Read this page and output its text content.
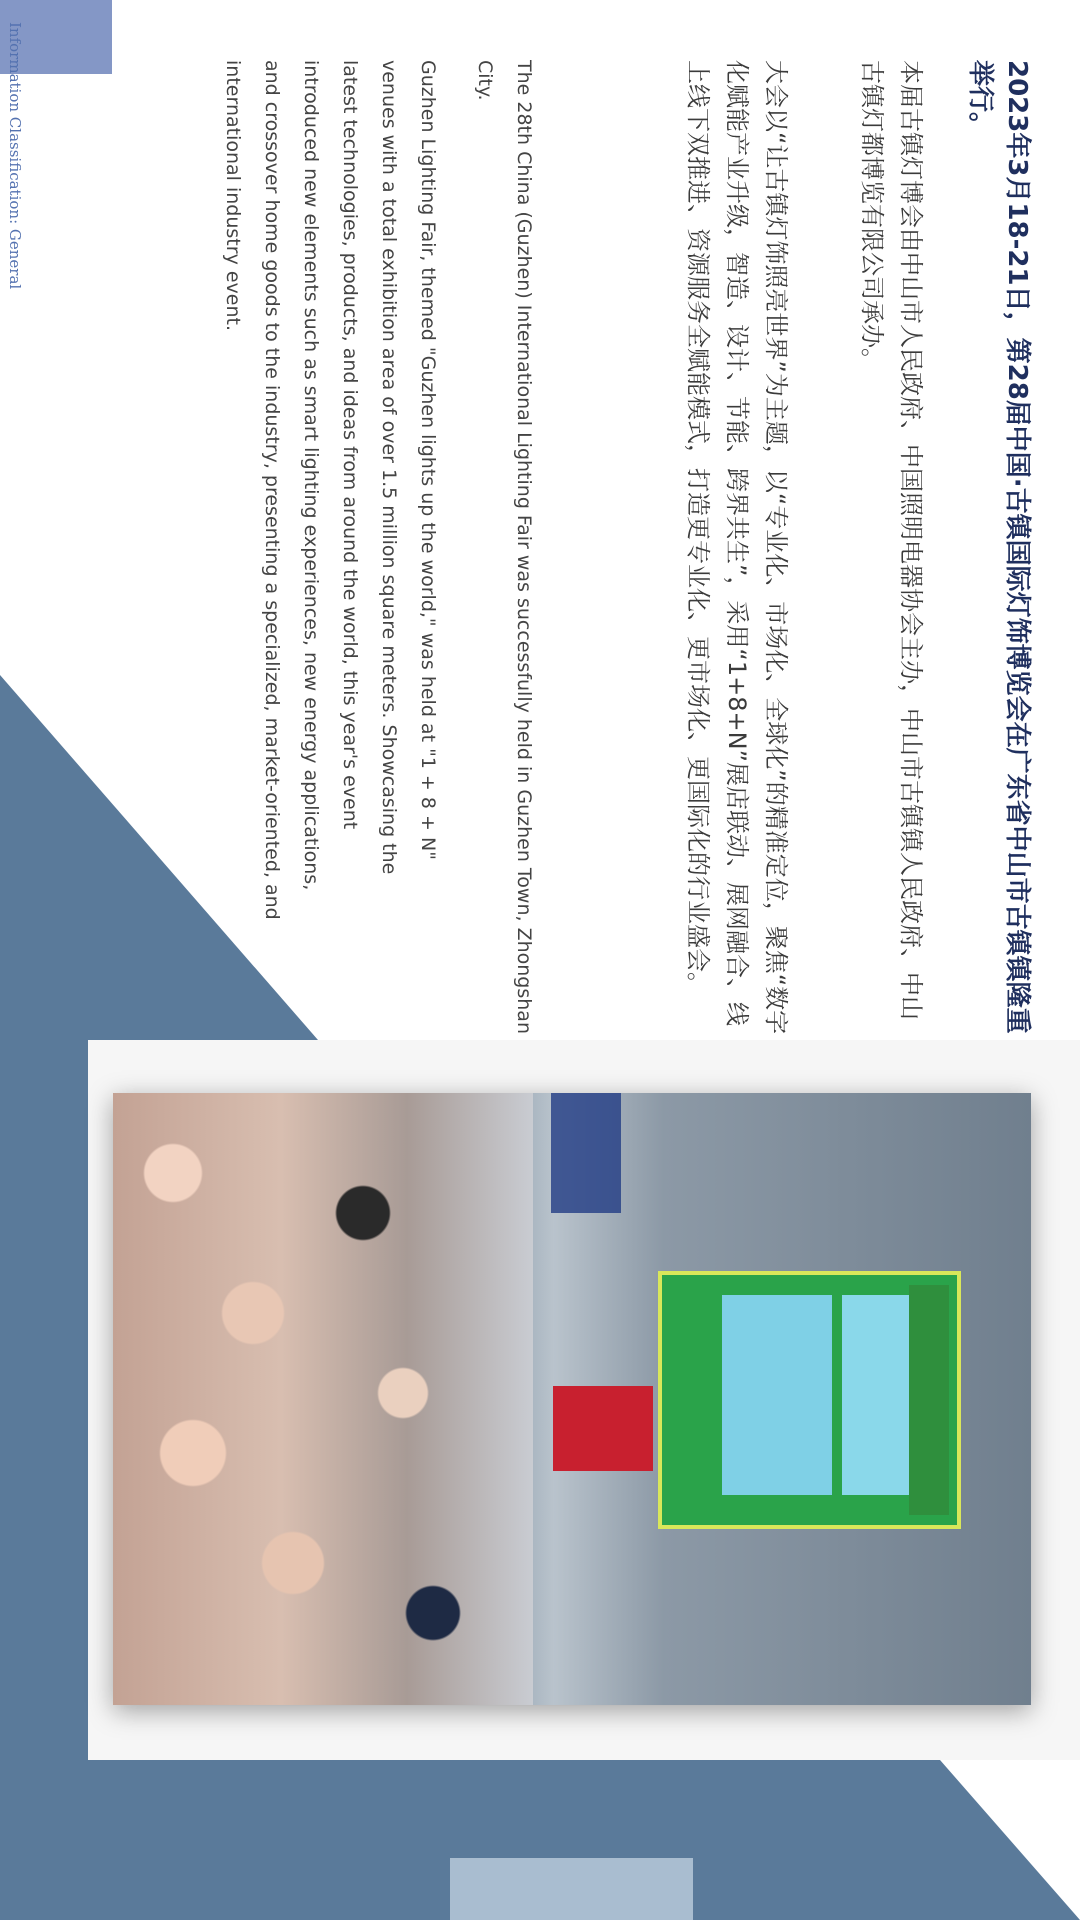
Information Classification: General	2023年3月18-21日，第28届中国·古镇国际灯饰博览会在广东省中山市古镇镇隆重举行。

本届古镇灯博会由中山市人民政府、中国照明电器协会主办，中山市古镇镇人民政府、中山古镇灯都博览有限公司承办。

大会以“让古镇灯饰照亮世界”为主题，以“专业化、市场化、全球化”的精准定位，聚焦“数字化赋能产业升级，智造、设计、节能、跨界共生”，采用“1+8+N”展店联动、展网融合、线上线下双推进、资源服务全赋能模式，打造更专业化、更市场化、更国际化的行业盛会。

The 28th China (Guzhen) International Lighting Fair was successfully held in Guzhen Town, Zhongshan City.

Guzhen Lighting Fair, themed "Guzhen lights up the world," was held at "1 + 8 + N" venues with a total exhibition area of over 1.5 million square meters. Showcasing the latest technologies, products, and ideas from around the world, this year's event introduced new elements such as smart lighting experiences, new energy applications, and crossover home goods to the industry, presenting a specialized, market-oriented, and international industry event.
